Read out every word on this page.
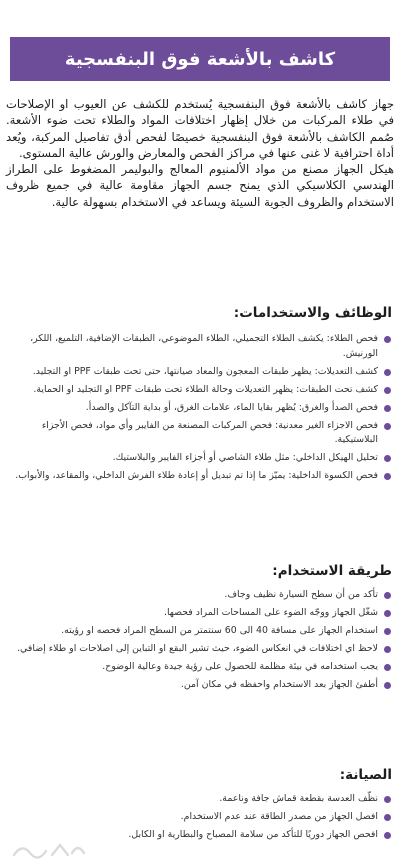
كاشف بالأشعة فوق البنفسجية

جهاز كاشف بالأشعة فوق البنفسجية يُستخدم للكشف عن العيوب او الإصلاحات في طلاء المركبات من خلال إظهار اختلافات المواد والطلاء تحت ضوء الأشعة. صُمم الكاشف بالأشعة فوق البنفسجية خصيصًا لفحص أدق تفاصيل المركبة، ويُعد أداة احترافية لا غنى عنها في مراكز الفحص والمعارض والورش عالية المستوى.

هيكل الجهاز مصنع من مواد الألمنيوم المعالج والبوليمر المضغوط على الطراز الهندسي الكلاسيكي الذي يمنح جسم الجهاز مقاومة عالية في جميع ظروف الاستخدام والظروف الجوية السيئة ويساعد في الاستخدام بسهولة عالية.

الوظائف والاستخدامات:
فحص الطلاء: يكشف الطلاء التجميلي، الطلاء الموضوعي، الطبقات الإضافية، التلميع، اللكر، الورنيش.
كشف التعديلات: يظهر طبقات المعجون والمعاد صيانتها، حتى تحت طبقات PPF او التجليد.
كشف تحت الطبقات: يظهر التعديلات وحالة الطلاء تحت طبقات PPF او التجليد او الحماية.
فحص الصدأ والغرق: يُظهر بقايا الماء، علامات الغرق، أو بداية التآكل والصدأ.
فحص الاجزاء الغير معدنية: فحص المركبات المصنعة من الفايبر وأي مواد، فحص الأجزاء البلاستيكية.
تحليل الهيكل الداخلي: مثل طلاء الشاصي أو أجزاء الفايبر والبلاستيك.
فحص الكسوة الداخلية: يميّز ما إذا تم تبديل أو إعادة طلاء الفرش الداخلي، والمقاعد، والأبواب.
طريقة الاستخدام:
تأكد من أن سطح السيارة نظيف وجاف.
شغّل الجهاز ووجّه الضوء على المساحات المراد فحصها.
استخدام الجهاز على مسافة 40 الى 60 سنتمتر من السطح المراد فحصه او رؤيته.
لاحظ اي اختلافات في انعكاس الضوء، حيث تشير البقع او التباين إلى اصلاحات او طلاء إضافي.
يجب استخدامه في بيئة مظلمة للحصول على رؤية جيدة وعالية الوضوح.
أطفئ الجهاز بعد الاستخدام واحفظه في مكان آمن.
الصيانة:
نظّف العدسة بقطعة قماش جافة وناعمة.
افصل الجهاز من مصدر الطاقة عند عدم الاستخدام.
افحص الجهاز دوريًا للتأكد من سلامة المصباح والبطارية او الكابل.
